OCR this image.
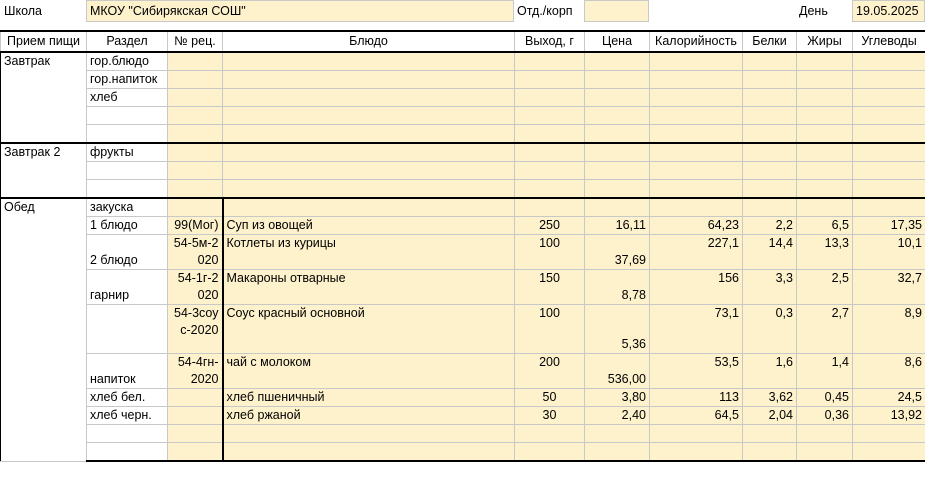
Школа	МКОУ "Сибирякская СОШ"	Отд./корп	День	19.05.2025
Прием пищи	Раздел	№ рец.	Блюдо	Выход, г	Цена	Калорийность	Белки	Жиры	Углеводы
Завтрак	гор.блюдо								
	гор.напиток								
	хлеб								

Завтрак 2	фрукты								

Обед	закуска								
	1 блюдо	99(Мог)	Суп из овощей	250	16,11	64,23	2,2	6,5	17,35
	2 блюдо	54-5м-2020	Котлеты из курицы	100	37,69	227,1	14,4	13,3	10,1
	гарнир	54-1г-2020	Макароны отварные	150	8,78	156	3,3	2,5	32,7
		54-3соус-2020	Соус красный основной	100	5,36	73,1	0,3	2,7	8,9
	напиток	54-4гн-2020	чай с молоком	200	536,00	53,5	1,6	1,4	8,6
	хлеб бел.		хлеб пшеничный	50	3,80	113	3,62	0,45	24,5
	хлеб черн.		хлеб ржаной	30	2,40	64,5	2,04	0,36	13,92
